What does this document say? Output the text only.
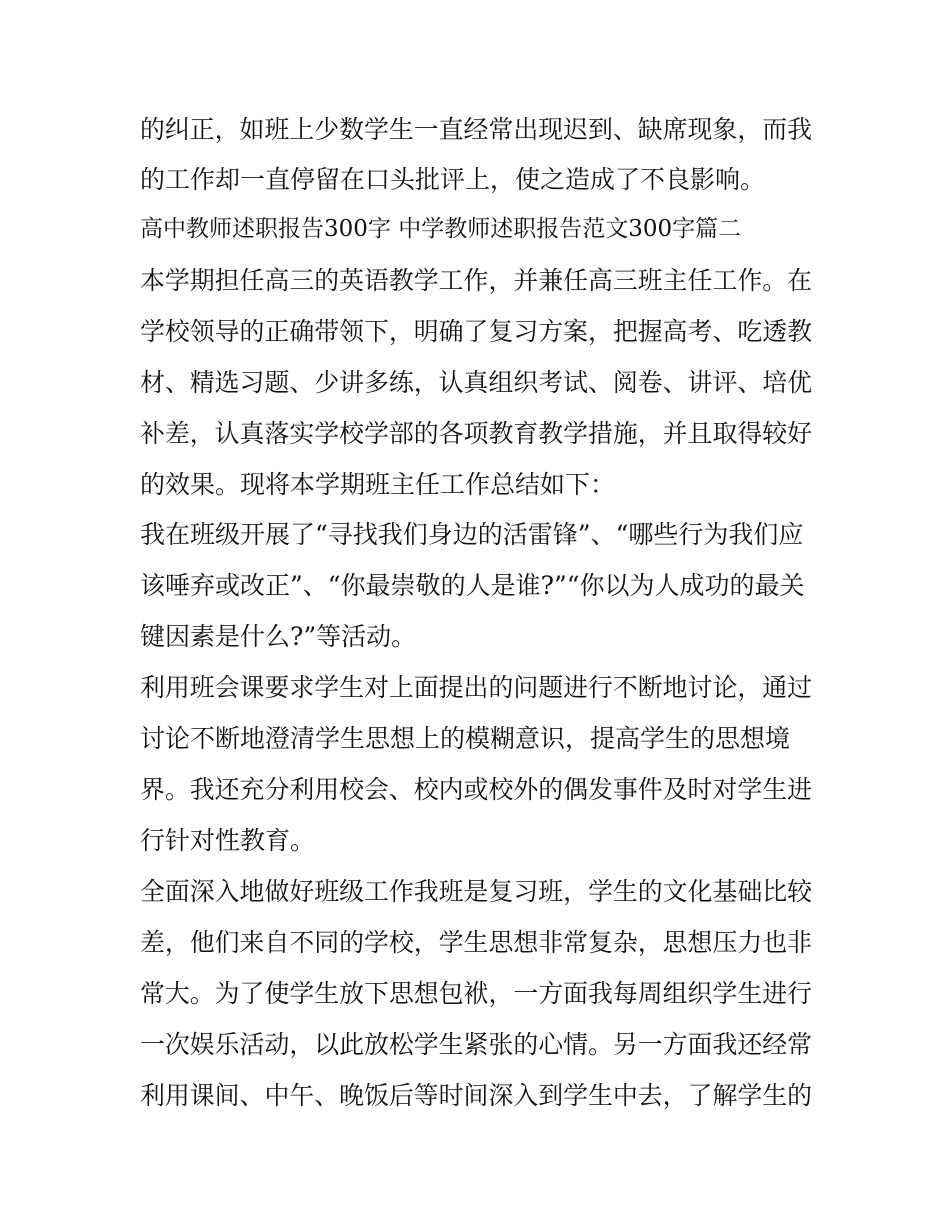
的纠正，如班上少数学生一直经常出现迟到、缺席现象，而我
的工作却一直停留在口头批评上，使之造成了不良影响。
高中教师述职报告300字 中学教师述职报告范文300字篇二
本学期担任高三的英语教学工作，并兼任高三班主任工作。在
学校领导的正确带领下，明确了复习方案，把握高考、吃透教
材、精选习题、少讲多练，认真组织考试、阅卷、讲评、培优
补差，认真落实学校学部的各项教育教学措施，并且取得较好
的效果。现将本学期班主任工作总结如下：
我在班级开展了“寻找我们身边的活雷锋”、“哪些行为我们应
该唾弃或改正”、“你最崇敬的人是谁?”“你以为人成功的最关
键因素是什么?”等活动。
利用班会课要求学生对上面提出的问题进行不断地讨论，通过
讨论不断地澄清学生思想上的模糊意识，提高学生的思想境
界。我还充分利用校会、校内或校外的偶发事件及时对学生进
行针对性教育。
全面深入地做好班级工作我班是复习班，学生的文化基础比较
差，他们来自不同的学校，学生思想非常复杂，思想压力也非
常大。为了使学生放下思想包袱，一方面我每周组织学生进行
一次娱乐活动，以此放松学生紧张的心情。另一方面我还经常
利用课间、中午、晚饭后等时间深入到学生中去，了解学生的
